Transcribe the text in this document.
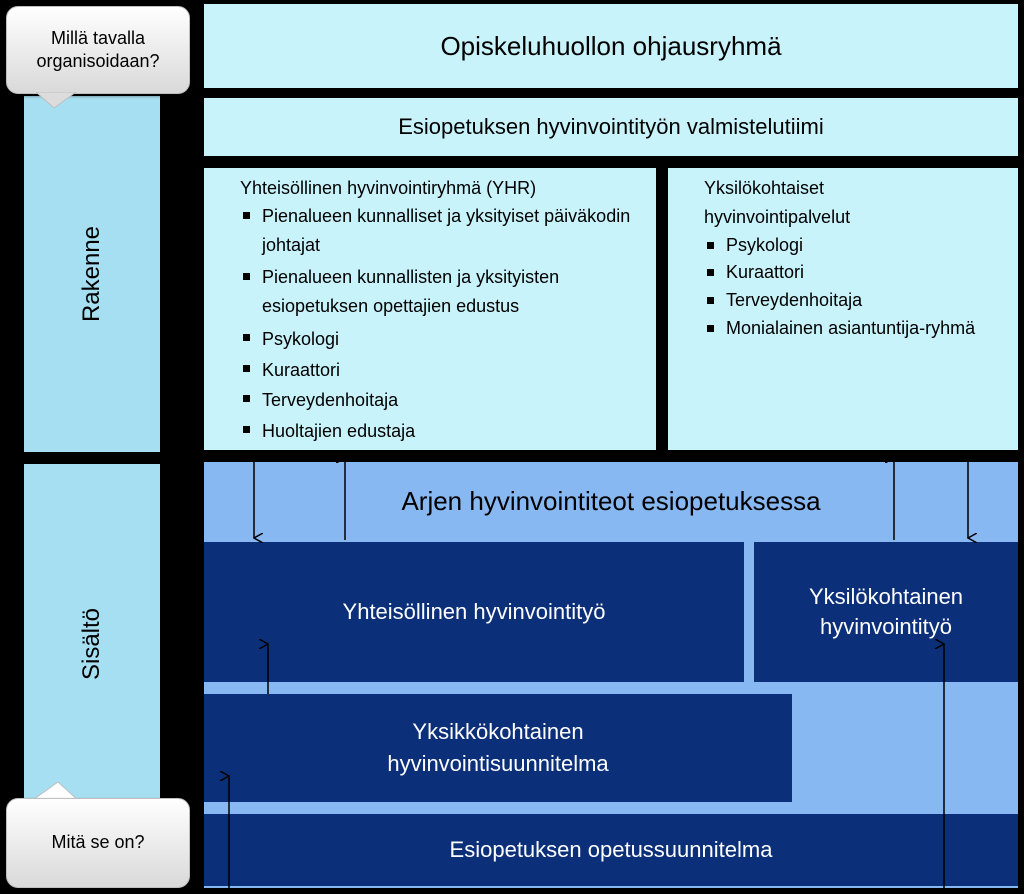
Rakenne
Sisältö
Millä tavalla organisoidaan?
Mitä se on?
Opiskeluhuollon ohjausryhmä
Esiopetuksen hyvinvointityön valmistelutiimi
Yhteisöllinen hyvinvointiryhmä (YHR)
Pienalueen kunnalliset ja yksityiset päiväkodin johtajat
Pienalueen kunnallisten ja yksityisten esiopetuksen opettajien edustus
Psykologi
Kuraattori
Terveydenhoitaja
Huoltajien edustaja
Yksilökohtaiset hyvinvointipalvelut
Psykologi
Kuraattori
Terveydenhoitaja
Monialainen asiantuntija-ryhmä
Arjen hyvinvointiteot esiopetuksessa
Yhteisöllinen hyvinvointityö
Yksilökohtainen hyvinvointityö
Yksikkökohtainen hyvinvointisuunnitelma
Esiopetuksen opetussuunnitelma
